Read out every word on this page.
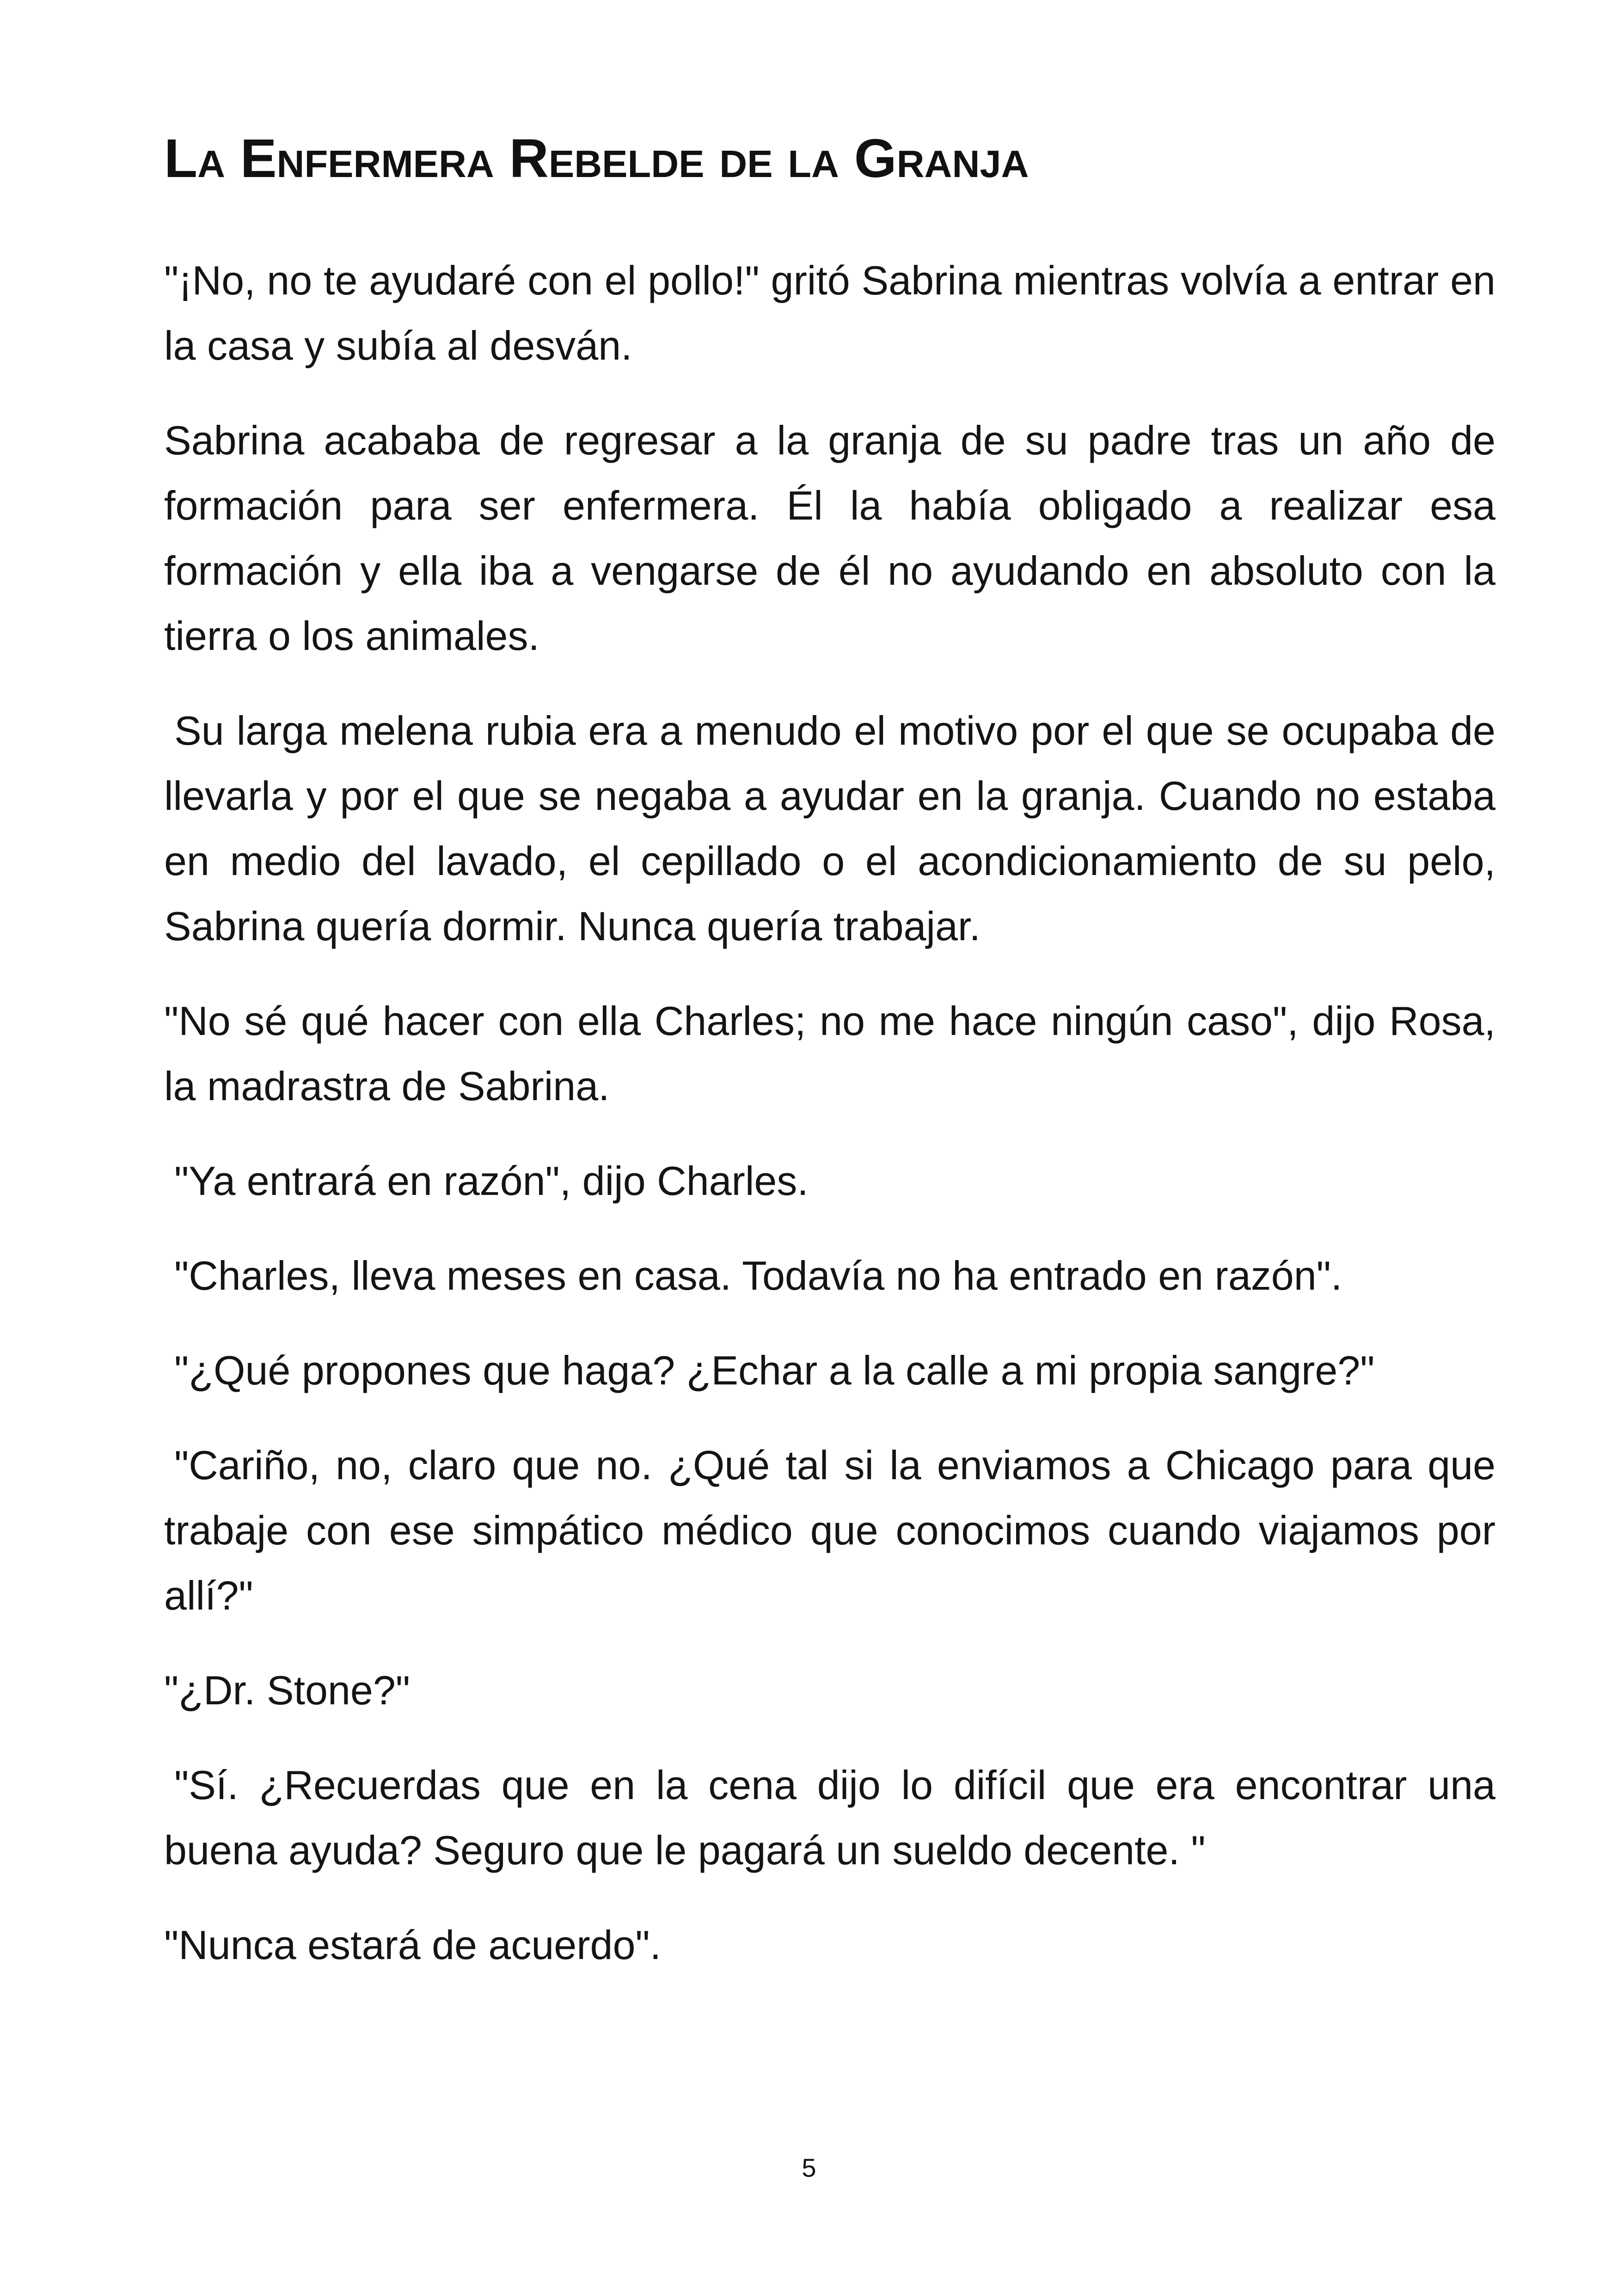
La Enfermera Rebelde de la Granja

"¡No, no te ayudaré con el pollo!" gritó Sabrina mientras volvía a entrar en la casa y subía al desván.

Sabrina acababa de regresar a la granja de su padre tras un año de formación para ser enfermera. Él la había obligado a realizar esa formación y ella iba a vengarse de él no ayudando en absoluto con la tierra o los animales.

Su larga melena rubia era a menudo el motivo por el que se ocupaba de llevarla y por el que se negaba a ayudar en la granja. Cuando no estaba en medio del lavado, el cepillado o el acondicionamiento de su pelo, Sabrina quería dormir. Nunca quería trabajar.

"No sé qué hacer con ella Charles; no me hace ningún caso", dijo Rosa, la madrastra de Sabrina.

"Ya entrará en razón", dijo Charles.

"Charles, lleva meses en casa. Todavía no ha entrado en razón".

"¿Qué propones que haga? ¿Echar a la calle a mi propia sangre?"

"Cariño, no, claro que no. ¿Qué tal si la enviamos a Chicago para que trabaje con ese simpático médico que conocimos cuando viajamos por allí?"

"¿Dr. Stone?"

"Sí. ¿Recuerdas que en la cena dijo lo difícil que era encontrar una buena ayuda? Seguro que le pagará un sueldo decente. "

"Nunca estará de acuerdo".

5
